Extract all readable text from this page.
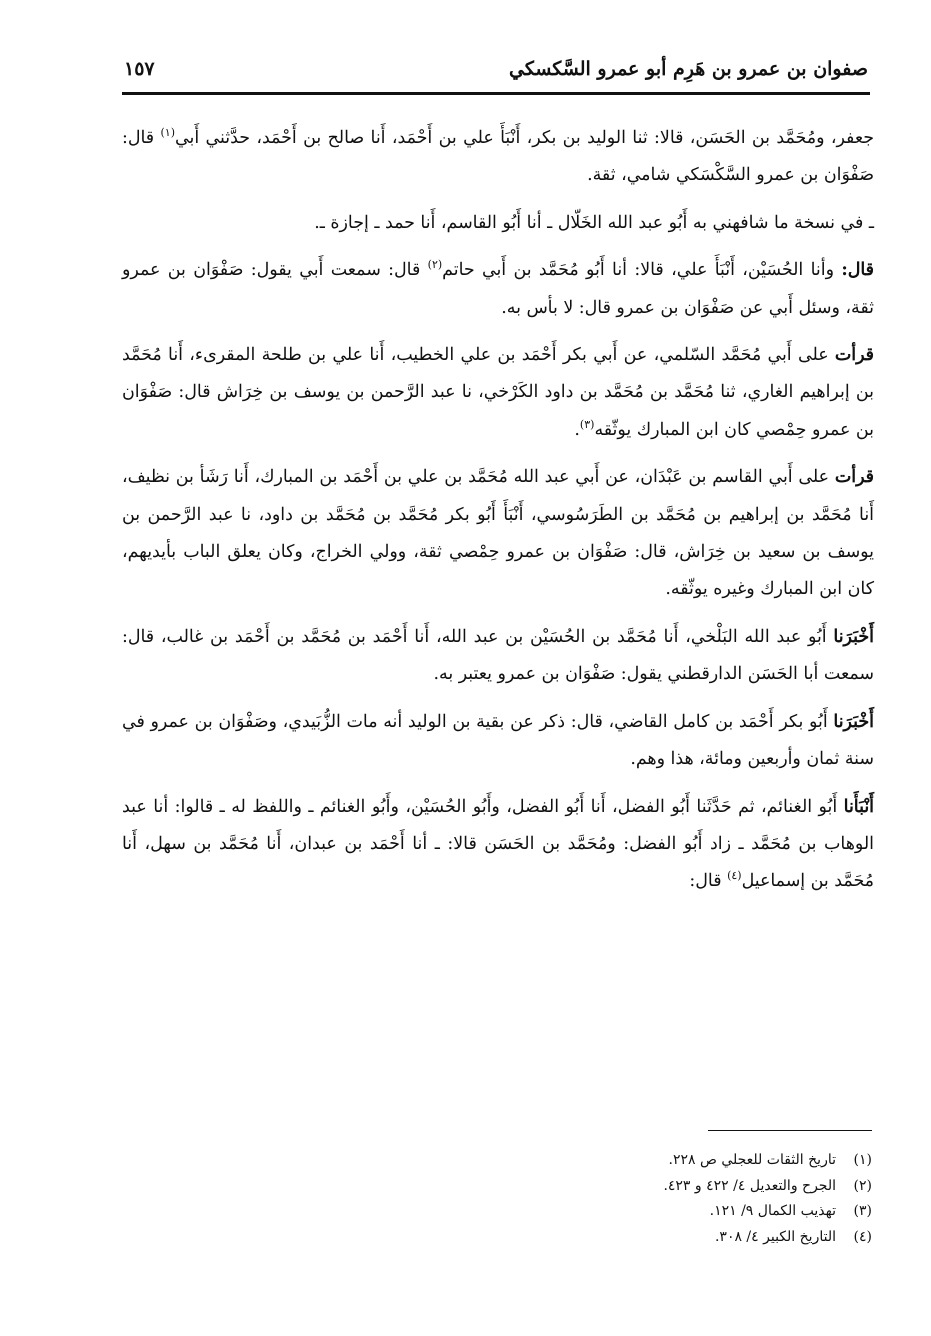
صفوان بن عمرو بن هَرِم أبو عمرو السَّكسكي
١٥٧

جعفر، ومُحَمَّد بن الحَسَن، قالا: ثنا الوليد بن بكر، أَنْبَأَ علي بن أَحْمَد، أَنا صالح بن أَحْمَد، حدَّثني أَبي$^{(١)}$ قال: صَفْوَان بن عمرو السَّكْسَكي شامي، ثقة.

ـ في نسخة ما شافهني به أَبُو عبد الله الخَلّال ـ أنا أَبُو القاسم، أَنا حمد ـ إجازة ـ.

قال: وأنا الحُسَيْن، أَنْبَأَ علي، قالا: أنا أَبُو مُحَمَّد بن أَبي حاتم$^{(٢)}$ قال: سمعت أَبي يقول: صَفْوَان بن عمرو ثقة، وسئل أَبي عن صَفْوَان بن عمرو قال: لا بأس به.

قرأت على أَبي مُحَمَّد السّلمي، عن أَبي بكر أَحْمَد بن علي الخطيب، أَنا علي بن طلحة المقرىء، أَنا مُحَمَّد بن إبراهيم الغاري، ثنا مُحَمَّد بن مُحَمَّد بن داود الكَرْخي، نا عبد الرَّحمن بن يوسف بن خِرَاش قال: صَفْوَان بن عمرو حِمْصي كان ابن المبارك يوثّقه$^{(٣)}$.

قرأت على أَبي القاسم بن عَبْدَان، عن أَبي عبد الله مُحَمَّد بن علي بن أَحْمَد بن المبارك، أَنا رَشَأ بن نظيف، أَنا مُحَمَّد بن إبراهيم بن مُحَمَّد بن الطَرَسُوسي، أَنْبَأَ أَبُو بكر مُحَمَّد بن مُحَمَّد بن داود، نا عبد الرَّحمن بن يوسف بن سعيد بن خِرَاش، قال: صَفْوَان بن عمرو حِمْصي ثقة، وولي الخراج، وكان يعلق الباب بأيديهم، كان ابن المبارك وغيره يوثّقه.

أَخْبَرَنا أَبُو عبد الله البَلْخي، أَنا مُحَمَّد بن الحُسَيْن بن عبد الله، أَنا أَحْمَد بن مُحَمَّد بن أَحْمَد بن غالب، قال: سمعت أبا الحَسَن الدارقطني يقول: صَفْوَان بن عمرو يعتبر به.

أَخْبَرَنا أَبُو بكر أَحْمَد بن كامل القاضي، قال: ذكر عن بقية بن الوليد أنه مات الزُّبَيدي، وصَفْوَان بن عمرو في سنة ثمان وأربعين ومائة، هذا وهم.

أَنْبَأَنا أَبُو الغنائم، ثم حَدَّثَنا أَبُو الفضل، أَنا أَبُو الفضل، وأَبُو الحُسَيْن، وأَبُو الغنائم ـ واللفظ له ـ قالوا: أنا عبد الوهاب بن مُحَمَّد ـ زاد أَبُو الفضل: ومُحَمَّد بن الحَسَن قالا: ـ أنا أَحْمَد بن عبدان، أَنا مُحَمَّد بن سهل، أَنا مُحَمَّد بن إسماعيل$^{(٤)}$ قال:

(١)تاريخ الثقات للعجلي ص ٢٢٨.
(٢)الجرح والتعديل ٤/ ٤٢٢ و ٤٢٣.
(٣)تهذيب الكمال ٩/ ١٢١.
(٤)التاريخ الكبير ٤/ ٣٠٨.
